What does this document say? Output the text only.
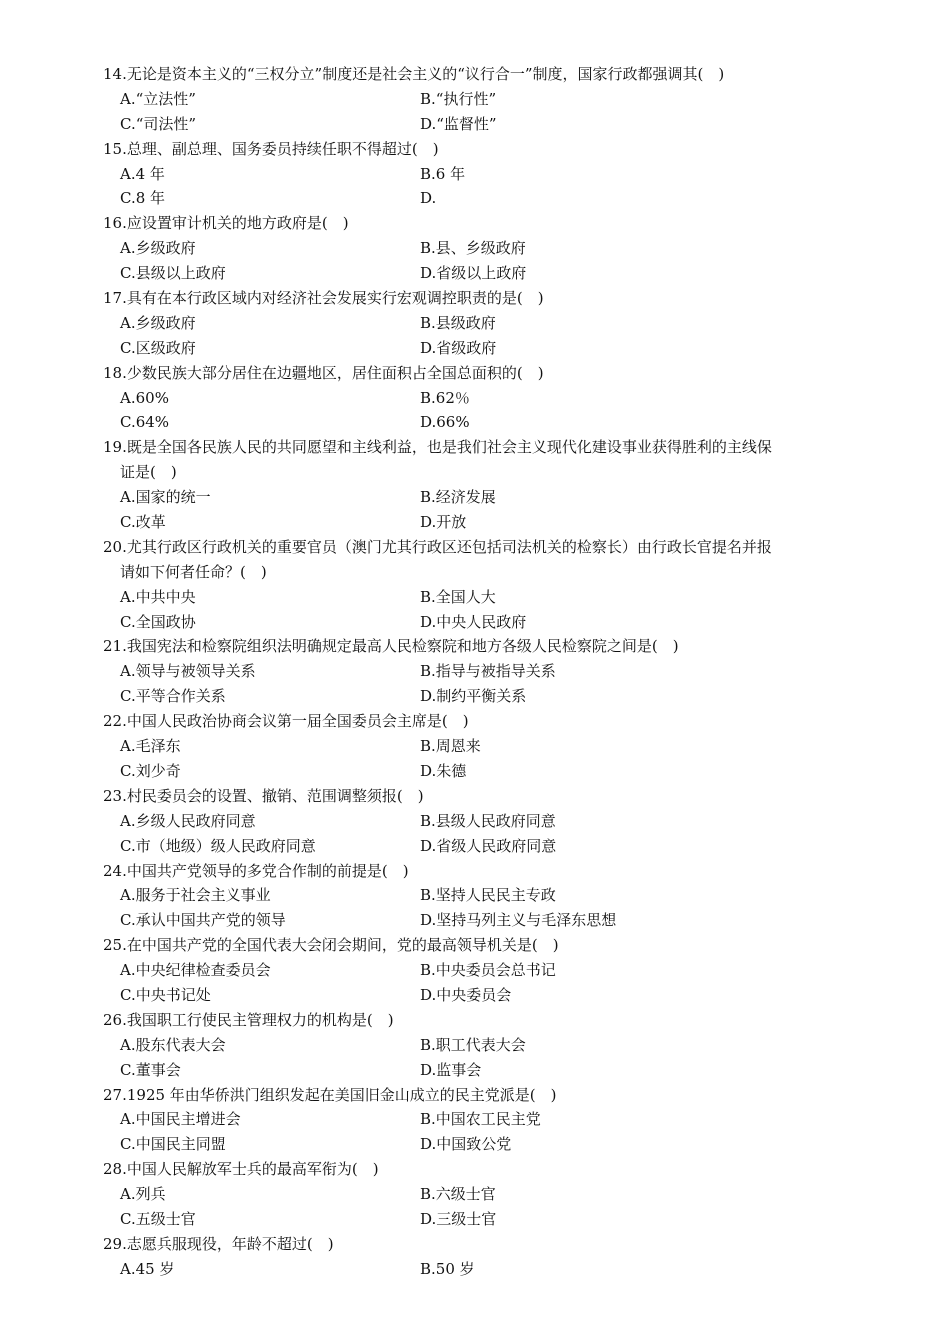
14.无论是资本主义的“三权分立”制度还是社会主义的“议行合一”制度，国家行政都强调其(　)
A.“立法性”	B.“执行性”
C.“司法性”	D.“监督性”
15.总理、副总理、国务委员持续任职不得超过(　)
A.4 年	B.6 年
C.8 年	D.
16.应设置审计机关的地方政府是(　)
A.乡级政府	B.县、乡级政府
C.县级以上政府	D.省级以上政府
17.具有在本行政区域内对经济社会发展实行宏观调控职责的是(　)
A.乡级政府	B.县级政府
C.区级政府	D.省级政府
18.少数民族大部分居住在边疆地区，居住面积占全国总面积的(　)
A.60%	B.62％
C.64%	D.66%
19.既是全国各民族人民的共同愿望和主线利益，也是我们社会主义现代化建设事业获得胜利的主线保
证是(　)
A.国家的统一	B.经济发展
C.改革	D.开放
20.尤其行政区行政机关的重要官员（澳门尤其行政区还包括司法机关的检察长）由行政长官提名并报
请如下何者任命？(　)
A.中共中央	B.全国人大
C.全国政协	D.中央人民政府
21.我国宪法和检察院组织法明确规定最高人民检察院和地方各级人民检察院之间是(　)
A.领导与被领导关系	B.指导与被指导关系
C.平等合作关系	D.制约平衡关系
22.中国人民政治协商会议第一届全国委员会主席是(　)
A.毛泽东	B.周恩来
C.刘少奇	D.朱德
23.村民委员会的设置、撤销、范围调整须报(　)
A.乡级人民政府同意	B.县级人民政府同意
C.市（地级）级人民政府同意	D.省级人民政府同意
24.中国共产党领导的多党合作制的前提是(　)
A.服务于社会主义事业	B.坚持人民民主专政
C.承认中国共产党的领导	D.坚持马列主义与毛泽东思想
25.在中国共产党的全国代表大会闭会期间，党的最高领导机关是(　)
A.中央纪律检查委员会	B.中央委员会总书记
C.中央书记处	D.中央委员会
26.我国职工行使民主管理权力的机构是(　)
A.股东代表大会	B.职工代表大会
C.董事会	D.监事会
27.1925 年由华侨洪门组织发起在美国旧金山成立的民主党派是(　)
A.中国民主增进会	B.中国农工民主党
C.中国民主同盟	D.中国致公党
28.中国人民解放军士兵的最高军衔为(　)
A.列兵	B.六级士官
C.五级士官	D.三级士官
29.志愿兵服现役，年龄不超过(　)
A.45 岁	B.50 岁
